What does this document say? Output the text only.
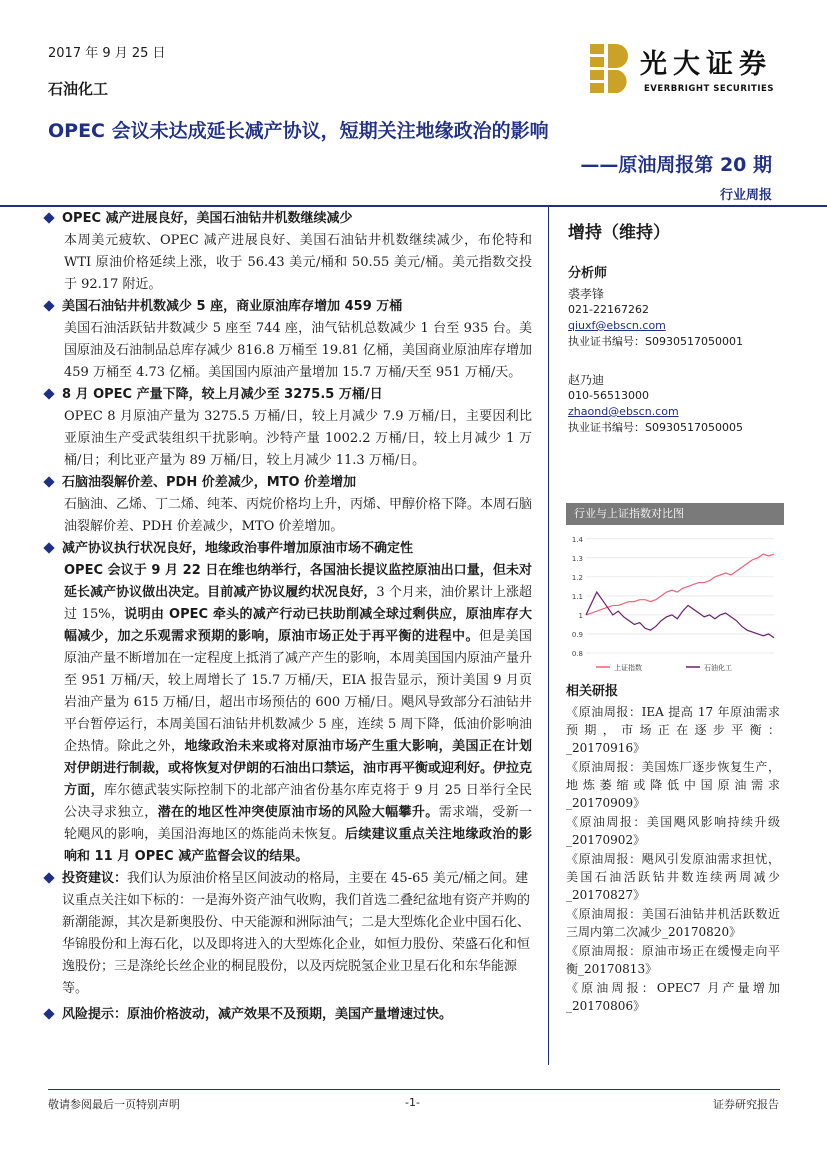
2017 年 9 月 25 日
石油化工
光大证券
EVERBRIGHT SECURITIES
OPEC 会议未达成延长减产协议，短期关注地缘政治的影响
——原油周报第 20 期
行业周报
OPEC 减产进展良好，美国石油钻井机数继续减少
本周美元疲软、OPEC 减产进展良好、美国石油钻井机数继续减少，布伦特和 WTI 原油价格延续上涨，收于 56.43 美元/桶和 50.55 美元/桶。美元指数交投于 92.17 附近。
美国石油钻井机数减少 5 座，商业原油库存增加 459 万桶
美国石油活跃钻井数减少 5 座至 744 座，油气钻机总数减少 1 台至 935 台。美国原油及石油制品总库存减少 816.8 万桶至 19.81 亿桶，美国商业原油库存增加 459 万桶至 4.73 亿桶。美国国内原油产量增加 15.7 万桶/天至 951 万桶/天。
8 月 OPEC 产量下降，较上月减少至 3275.5 万桶/日
OPEC 8 月原油产量为 3275.5 万桶/日，较上月减少 7.9 万桶/日，主要因利比亚原油生产受武装组织干扰影响。沙特产量 1002.2 万桶/日，较上月减少 1 万桶/日；利比亚产量为 89 万桶/日，较上月减少 11.3 万桶/日。
石脑油裂解价差、PDH 价差减少，MTO 价差增加
石脑油、乙烯、丁二烯、纯苯、丙烷价格均上升，丙烯、甲醇价格下降。本周石脑油裂解价差、PDH 价差减少，MTO 价差增加。
减产协议执行状况良好，地缘政治事件增加原油市场不确定性
OPEC 会议于 9 月 22 日在维也纳举行，各国油长提议监控原油出口量，但未对延长减产协议做出决定。目前减产协议履约状况良好，3 个月来，油价累计上涨超过 15%，说明由 OPEC 牵头的减产行动已扶助削减全球过剩供应，原油库存大幅减少，加之乐观需求预期的影响，原油市场正处于再平衡的进程中。但是美国原油产量不断增加在一定程度上抵消了减产产生的影响，本周美国国内原油产量升至 951 万桶/天，较上周增长了 15.7 万桶/天，EIA 报告显示，预计美国 9 月页岩油产量为 615 万桶/日，超出市场预估的 600 万桶/日。飓风导致部分石油钻井平台暂停运行，本周美国石油钻井机数减少 5 座，连续 5 周下降，低油价影响油企热情。除此之外，地缘政治未来或将对原油市场产生重大影响，美国正在计划对伊朗进行制裁，或将恢复对伊朗的石油出口禁运，油市再平衡或迎利好。伊拉克方面，库尔德武装实际控制下的北部产油省份基尔库克将于 9 月 25 日举行全民公决寻求独立，潜在的地区性冲突使原油市场的风险大幅攀升。需求端，受新一轮飓风的影响，美国沿海地区的炼能尚未恢复。后续建议重点关注地缘政治的影响和 11 月 OPEC 减产监督会议的结果。
投资建议：我们认为原油价格呈区间波动的格局，主要在 45-65 美元/桶之间。建议重点关注如下标的：一是海外资产油气收购，我们首选二叠纪盆地有资产并购的新潮能源，其次是新奥股份、中天能源和洲际油气；二是大型炼化企业中国石化、华锦股份和上海石化，以及即将进入的大型炼化企业，如恒力股份、荣盛石化和恒逸股份；三是涤纶长丝企业的桐昆股份，以及丙烷脱氢企业卫星石化和东华能源等。
风险提示：原油价格波动，减产效果不及预期，美国产量增速过快。
增持（维持）
分析师
裘孝锋
021-22167262
qiuxf@ebscn.com
执业证书编号：S0930517050001
赵乃迪
010-56513000
zhaond@ebscn.com
执业证书编号：S0930517050005
行业与上证指数对比图
1.4
1.3
1.2
1.1
1
0.9
0.8
上证指数	石油化工
相关研报
《原油周报：IEA 提高 17 年原油需求预期，市场正在逐步平衡：_20170916》
《原油周报：美国炼厂逐步恢复生产，地炼萎缩或降低中国原油需求_20170909》
《原油周报：美国飓风影响持续升级_20170902》
《原油周报：飓风引发原油需求担忧，美国石油活跃钻井数连续两周减少_20170827》
《原油周报：美国石油钻井机活跃数近三周内第二次减少_20170820》
《原油周报：原油市场正在缓慢走向平衡_20170813》
《原油周报：OPEC7 月产量增加_20170806》
敬请参阅最后一页特别声明	-1-	证券研究报告
